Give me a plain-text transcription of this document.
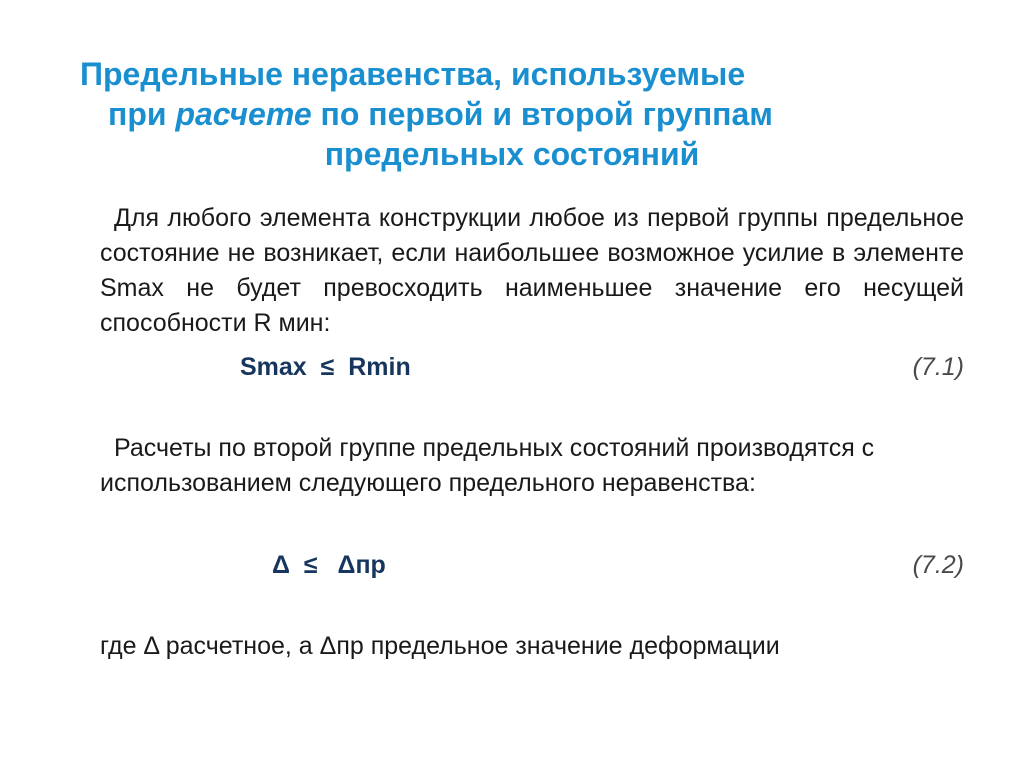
Предельные неравенства, используемые
при расчете по первой и второй группам
предельных состояний
Для любого элемента конструкции любое из первой группы предельное состояние не возникает, если наибольшее возможное усилие в элементе Smax не будет превосходить наименьшее значение его несущей способности R мин:
Smax  ≤  Rmin	(7.1)
Расчеты по второй группе предельных состояний производятся с использованием следующего предельного неравенства:
Δ  ≤   Δпр	(7.2)
где Δ расчетное, а Δпр предельное значение деформации
